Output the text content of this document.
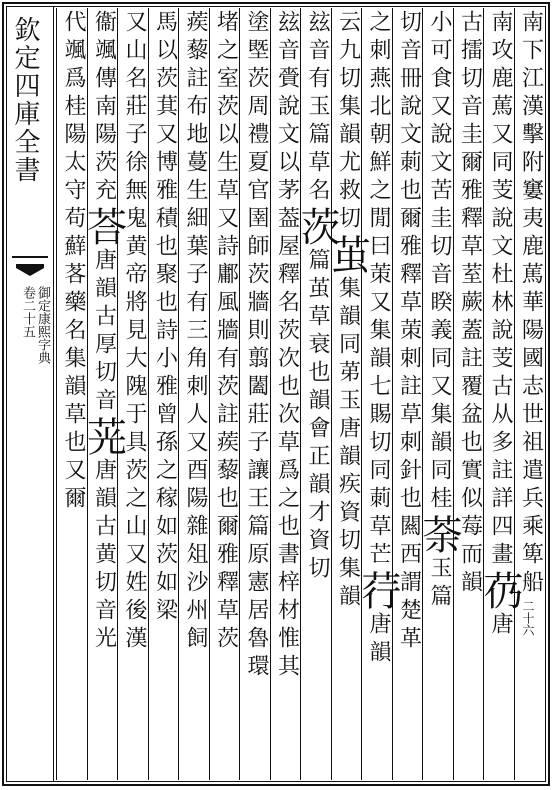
欽定四庫全書
御定康熙字典
卷二十五
二十六
南下江漢擊附窶夷鹿䔍華陽國志世祖遣兵乘箄船
南攻鹿䔍又同芰說文杜林說芰古从多註詳四畫芿唐
古擂切音圭爾雅釋草荎蕨蓋註覆盆也實似莓而韻
小可食又說文苦圭切音睽義同又集韻同桂荼玉篇
切音冊說文莿也爾雅釋草茦刺註草刺針也闗西謂楚革
之刺燕北朝鮮之閒曰茦又集韻七賜切同莿草芒荇唐韻
云九切集韻尤救切茧集韻同苐玉唐韻疾資切集韻
玆音有玉篇草名茨篇茧草衰也韻會正韻才資切
玆音賫說文以茅葢屋釋名茨次也次草爲之也書梓材惟其
塗塈茨周禮夏官圉師茨牆則翦闔莊子讓王篇原憲居魯環
堵之室茨以生草又詩鄘風牆有茨註蒺藜也爾雅釋草茨
蒺藜註布地蔓生細葉子有三角刺人又酉陽雜俎沙州飼
馬以茨萁又博雅積也聚也詩小雅曾孫之稼如茨如梁
又山名莊子徐無鬼黄帝將見大隗于具茨之山又姓後漢
衞颯傳南陽茨充荅唐韻古厚切音茪唐韻古黄切音光
代颯爲桂陽太守苟蘚茖藥名集韻草也又爾
